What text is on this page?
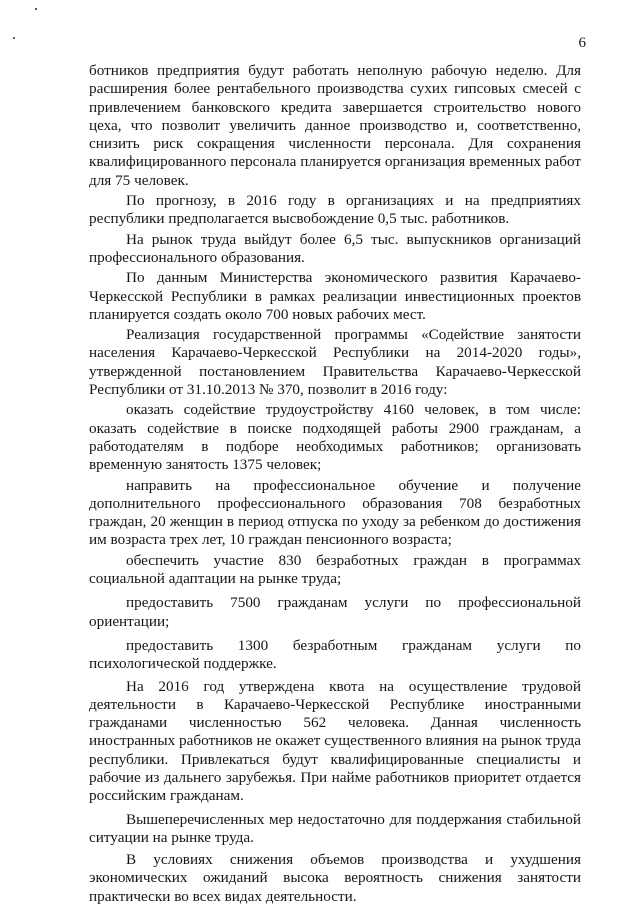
6

ботников предприятия будут работать неполную рабочую неделю. Для расширения более рентабельного производства сухих гипсовых смесей с привлечением банковского кредита завершается строительство нового цеха, что позволит увеличить данное производство и, соответственно, снизить риск сокращения численности персонала. Для сохранения квалифицированного персонала планируется организация временных работ для 75 человек.

По прогнозу, в 2016 году в организациях и на предприятиях республики предполагается высвобождение 0,5 тыс. работников.

На рынок труда выйдут более 6,5 тыс. выпускников организаций профессионального образования.

По данным Министерства экономического развития Карачаево-Черкесской Республики в рамках реализации инвестиционных проектов планируется создать около 700 новых рабочих мест.

Реализация государственной программы «Содействие занятости населения Карачаево-Черкесской Республики на 2014-2020 годы», утвержденной постановлением Правительства Карачаево-Черкесской Республики от 31.10.2013 № 370, позволит в 2016 году:

оказать содействие трудоустройству 4160 человек, в том числе: оказать содействие в поиске подходящей работы 2900 гражданам, а работодателям в подборе необходимых работников; организовать временную занятость 1375 человек;

направить на профессиональное обучение и получение дополнительного профессионального образования 708 безработных граждан, 20 женщин в период отпуска по уходу за ребенком до достижения им возраста трех лет, 10 граждан пенсионного возраста;

обеспечить участие 830 безработных граждан в программах социальной адаптации на рынке труда;

предоставить 7500 гражданам услуги по профессиональной ориентации;

предоставить 1300 безработным гражданам услуги по психологической поддержке.

На 2016 год утверждена квота на осуществление трудовой деятельности в Карачаево-Черкесской Республике иностранными гражданами численностью 562 человека. Данная численность иностранных работников не окажет существенного влияния на рынок труда республики. Привлекаться будут квалифицированные специалисты и рабочие из дальнего зарубежья. При найме работников приоритет отдается российским гражданам.

Вышеперечисленных мер недостаточно для поддержания стабильной ситуации на рынке труда.

В условиях снижения объемов производства и ухудшения экономических ожиданий высока вероятность снижения занятости практически во всех видах деятельности.
